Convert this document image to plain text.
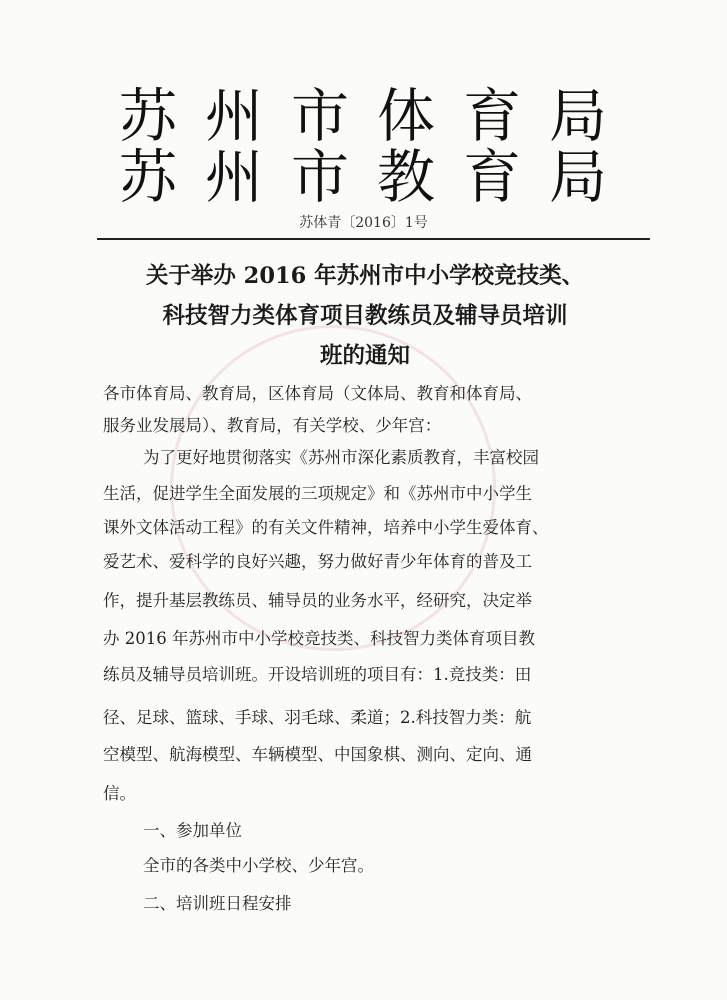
苏 州 市 体 育 局
苏 州 市 教 育 局
苏体青〔2016〕1号
关于举办 2016 年苏州市中小学校竞技类、
科技智力类体育项目教练员及辅导员培训
班的通知
各市体育局、教育局，区体育局（文体局、教育和体育局、
服务业发展局）、教育局，有关学校、少年宫：
为了更好地贯彻落实《苏州市深化素质教育，丰富校园
生活，促进学生全面发展的三项规定》和《苏州市中小学生
课外文体活动工程》的有关文件精神，培养中小学生爱体育、
爱艺术、爱科学的良好兴趣，努力做好青少年体育的普及工
作，提升基层教练员、辅导员的业务水平，经研究，决定举
办 2016 年苏州市中小学校竞技类、科技智力类体育项目教
练员及辅导员培训班。开设培训班的项目有：1.竞技类：田
径、足球、篮球、手球、羽毛球、柔道；2.科技智力类：航
空模型、航海模型、车辆模型、中国象棋、测向、定向、通
信。
一、参加单位
全市的各类中小学校、少年宫。
二、培训班日程安排
